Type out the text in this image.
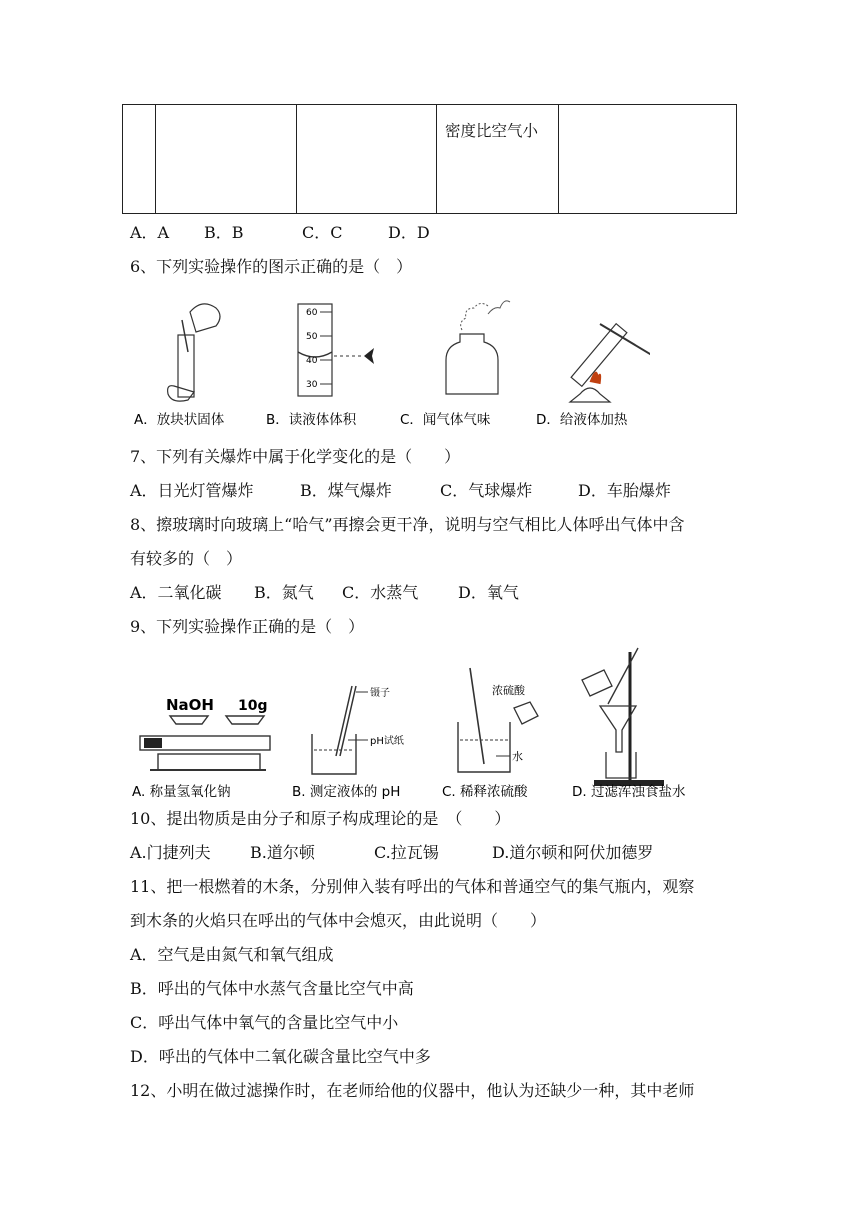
			密度比空气小	
A．A B．B	C．C	D．D
6、下列实验操作的图示正确的是（　）
60
50
40
30
A．放块状固体	B．读液体体积	C．闻气体气味	D．给液体加热
7、下列有关爆炸中属于化学变化的是（　　）
A．日光灯管爆炸	B．煤气爆炸	C．气球爆炸	D．车胎爆炸
8、擦玻璃时向玻璃上“哈气”再擦会更干净，说明与空气相比人体呼出气体中含
有较多的（　）
A．二氧化碳 B．氮气 C．水蒸气 D．氧气
9、下列实验操作正确的是（　）
NaOH 10g
镊子
pH试纸
浓硫酸
水
A. 称量氢氧化钠	B. 测定液体的 pH	C. 稀释浓硫酸	D. 过滤浑浊食盐水
10、提出物质是由分子和原子构成理论的是　（　　）
A.门捷列夫 B.道尔顿	C.拉瓦锡	D.道尔顿和阿伏加德罗
11、把一根燃着的木条，分别伸入装有呼出的气体和普通空气的集气瓶内，观察
到木条的火焰只在呼出的气体中会熄灭，由此说明（　　）
A．空气是由氮气和氧气组成
B．呼出的气体中水蒸气含量比空气中高
C．呼出气体中氧气的含量比空气中小
D．呼出的气体中二氧化碳含量比空气中多
12、小明在做过滤操作时，在老师给他的仪器中，他认为还缺少一种，其中老师
